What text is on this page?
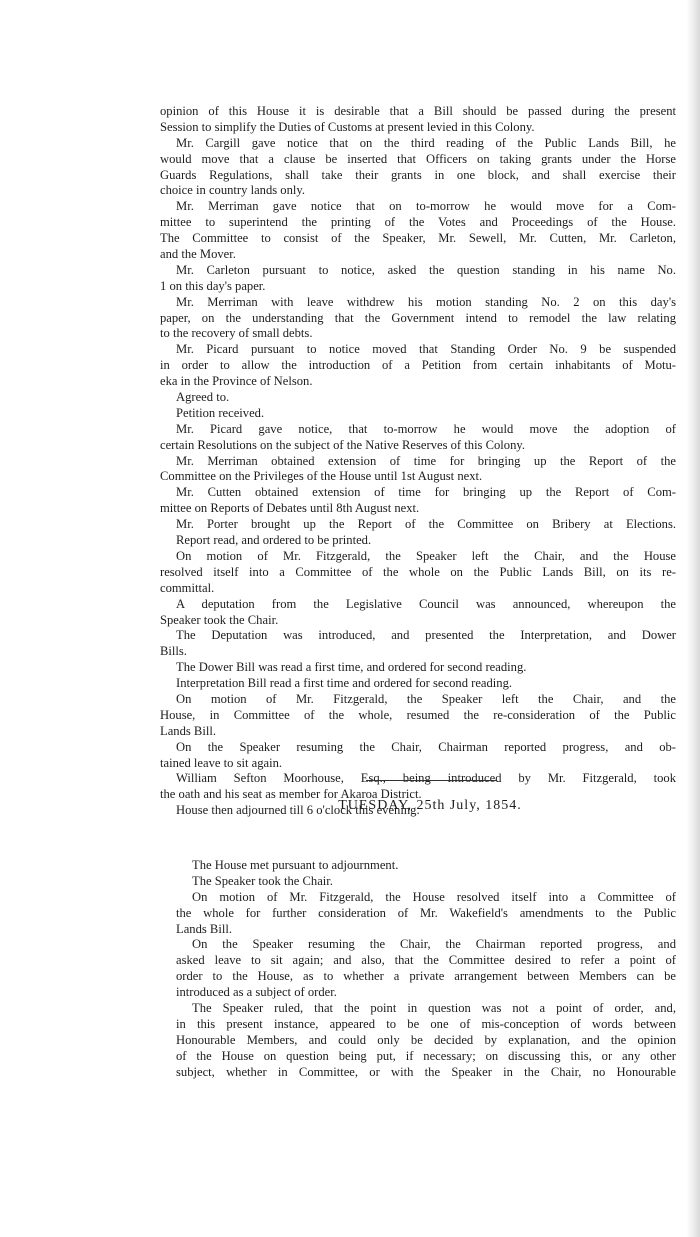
opinion of this House it is desirable that a Bill should be passed during the present
Session to simplify the Duties of Customs at present levied in this Colony.
Mr. Cargill gave notice that on the third reading of the Public Lands Bill, he
would move that a clause be inserted that Officers on taking grants under the Horse
Guards Regulations, shall take their grants in one block, and shall exercise their
choice in country lands only.
Mr. Merriman gave notice that on to-morrow he would move for a Com-
mittee to superintend the printing of the Votes and Proceedings of the House.
The Committee to consist of the Speaker, Mr. Sewell, Mr. Cutten, Mr. Carleton,
and the Mover.
Mr. Carleton pursuant to notice, asked the question standing in his name No.
1 on this day's paper.
Mr. Merriman with leave withdrew his motion standing No. 2 on this day's
paper, on the understanding that the Government intend to remodel the law relating
to the recovery of small debts.
Mr. Picard pursuant to notice moved that Standing Order No. 9 be suspended
in order to allow the introduction of a Petition from certain inhabitants of Motu-
eka in the Province of Nelson.
Agreed to.
Petition received.
Mr. Picard gave notice, that to-morrow he would move the adoption of
certain Resolutions on the subject of the Native Reserves of this Colony.
Mr. Merriman obtained extension of time for bringing up the Report of the
Committee on the Privileges of the House until 1st August next.
Mr. Cutten obtained extension of time for bringing up the Report of Com-
mittee on Reports of Debates until 8th August next.
Mr. Porter brought up the Report of the Committee on Bribery at Elections.
Report read, and ordered to be printed.
On motion of Mr. Fitzgerald, the Speaker left the Chair, and the House
resolved itself into a Committee of the whole on the Public Lands Bill, on its re-
committal.
A deputation from the Legislative Council was announced, whereupon the
Speaker took the Chair.
The Deputation was introduced, and presented the Interpretation, and Dower
Bills.
The Dower Bill was read a first time, and ordered for second reading.
Interpretation Bill read a first time and ordered for second reading.
On motion of Mr. Fitzgerald, the Speaker left the Chair, and the
House, in Committee of the whole, resumed the re-consideration of the Public
Lands Bill.
On the Speaker resuming the Chair, Chairman reported progress, and ob-
tained leave to sit again.
William Sefton Moorhouse, Esq., being introduced by Mr. Fitzgerald, took
the oath and his seat as member for Akaroa District.
House then adjourned till 6 o'clock this evening.
TUESDAY, 25th July, 1854.
The House met pursuant to adjournment.
The Speaker took the Chair.
On motion of Mr. Fitzgerald, the House resolved itself into a Committee of
the whole for further consideration of Mr. Wakefield's amendments to the Public
Lands Bill.
On the Speaker resuming the Chair, the Chairman reported progress, and
asked leave to sit again; and also, that the Committee desired to refer a point of
order to the House, as to whether a private arrangement between Members can be
introduced as a subject of order.
The Speaker ruled, that the point in question was not a point of order, and,
in this present instance, appeared to be one of mis-conception of words between
Honourable Members, and could only be decided by explanation, and the opinion
of the House on question being put, if necessary; on discussing this, or any other
subject, whether in Committee, or with the Speaker in the Chair, no Honourable
